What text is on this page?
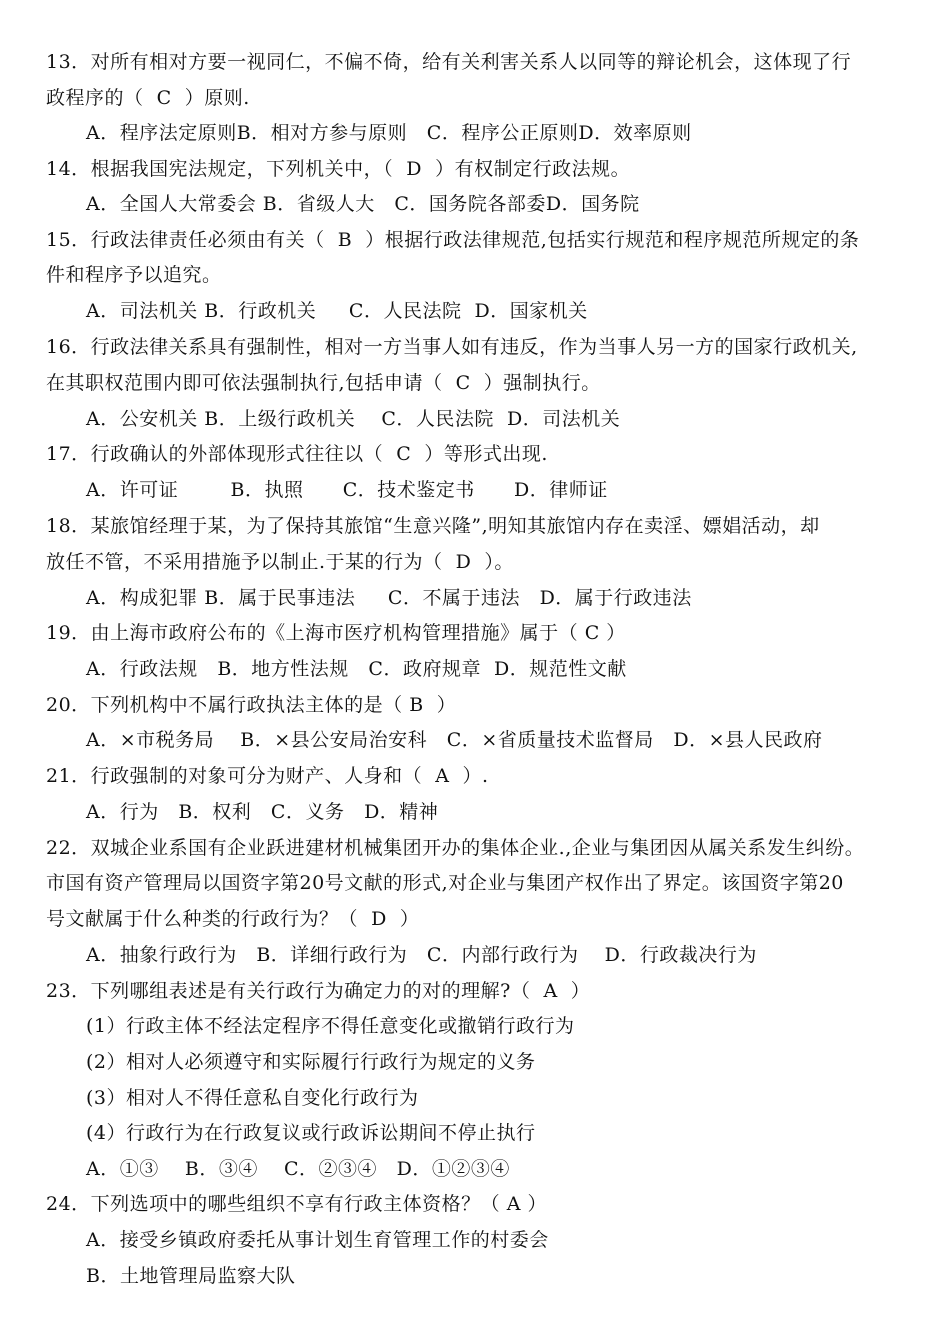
13．对所有相对方要一视同仁，不偏不倚，给有关利害关系人以同等的辩论机会，这体现了行
政程序的（  C  ）原则.
A．程序法定原则B．相对方参与原则   C．程序公正原则D．效率原则
14．根据我国宪法规定，下列机关中，（  D  ）有权制定行政法规。
A．全国人大常委会 B．省级人大   C．国务院各部委D．国务院
15．行政法律责任必须由有关（  B  ）根据行政法律规范,包括实行规范和程序规范所规定的条
件和程序予以追究。
A．司法机关 B．行政机关     C．人民法院  D．国家机关
16．行政法律关系具有强制性，相对一方当事人如有违反，作为当事人另一方的国家行政机关,
在其职权范围内即可依法强制执行,包括申请（  C  ）强制执行。
A．公安机关 B．上级行政机关    C．人民法院  D．司法机关
17．行政确认的外部体现形式往往以（  C  ）等形式出现.
A．许可证        B．执照      C．技术鉴定书      D．律师证
18．某旅馆经理于某，为了保持其旅馆“生意兴隆”,明知其旅馆内存在卖淫、嫖娼活动，却
放任不管，不采用措施予以制止.于某的行为（  D  ）。
A．构成犯罪 B．属于民事违法     C．不属于违法   D．属于行政违法
19．由上海市政府公布的《上海市医疗机构管理措施》属于（ C ）
A．行政法规   B．地方性法规   C．政府规章  D．规范性文献
20．下列机构中不属行政执法主体的是（ B  ）
A．×市税务局    B．×县公安局治安科   C．×省质量技术监督局   D．×县人民政府
21．行政强制的对象可分为财产、人身和（  A  ）.
A．行为   B．权利   C．义务   D．精神
22．双城企业系国有企业跃进建材机械集团开办的集体企业.,企业与集团因从属关系发生纠纷。
市国有资产管理局以国资字第20号文献的形式,对企业与集团产权作出了界定。该国资字第20
号文献属于什么种类的行政行为？（  D  ）
A．抽象行政行为   B．详细行政行为   C．内部行政行为    D．行政裁决行为
23．下列哪组表述是有关行政行为确定力的对的理解?（  A  ）
(1）行政主体不经法定程序不得任意变化或撤销行政行为
(2）相对人必须遵守和实际履行行政行为规定的义务
(3）相对人不得任意私自变化行政行为
(4）行政行为在行政复议或行政诉讼期间不停止执行
A．①③    B．③④    C．②③④   D．①②③④
24．下列选项中的哪些组织不享有行政主体资格？（ A ）
A．接受乡镇政府委托从事计划生育管理工作的村委会
B．土地管理局监察大队
